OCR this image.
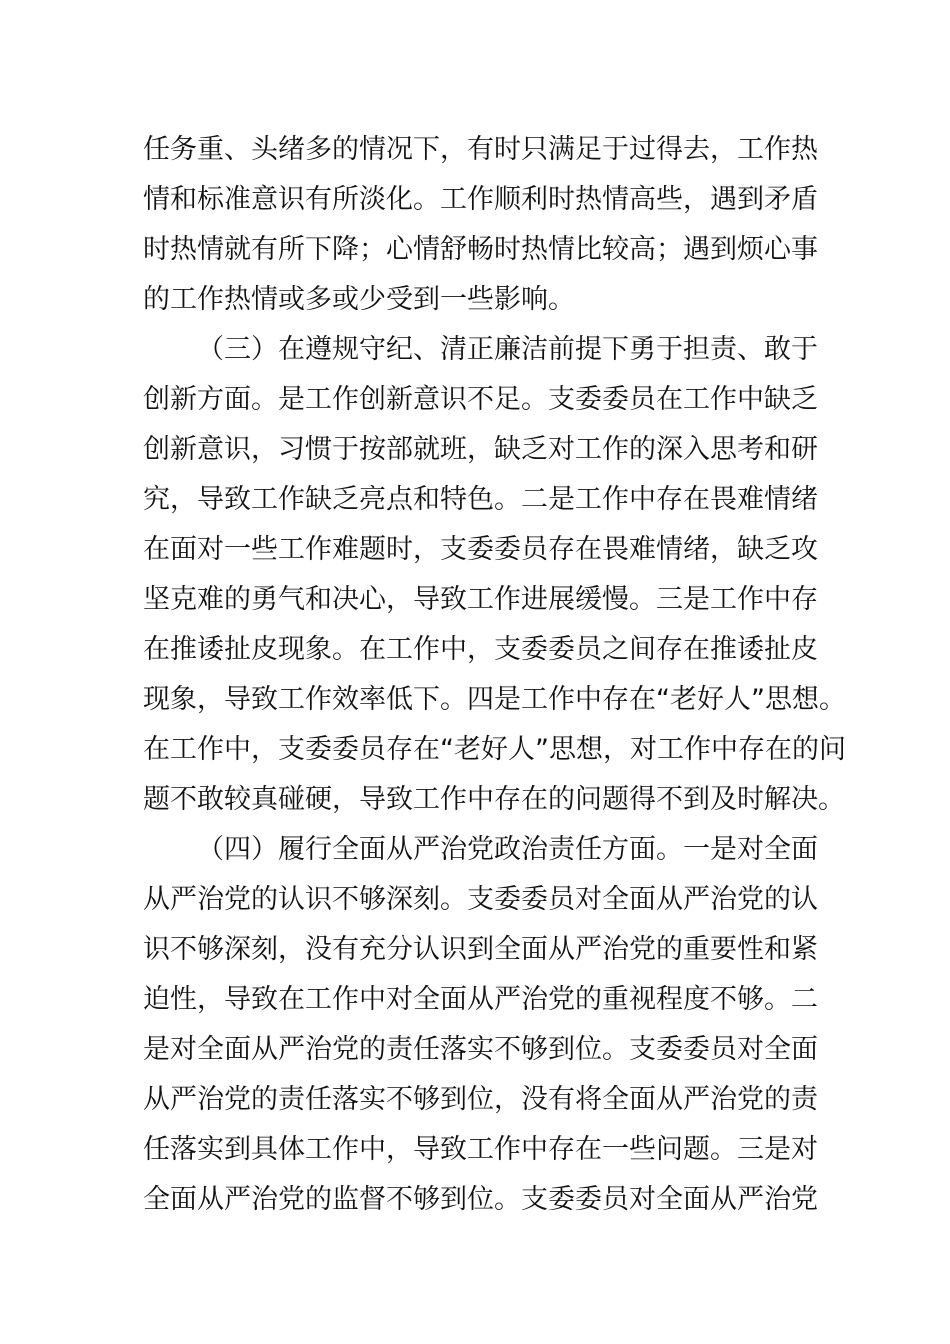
任务重、头绪多的情况下，有时只满足于过得去，工作热
情和标准意识有所淡化。工作顺利时热情高些，遇到矛盾
时热情就有所下降；心情舒畅时热情比较高；遇到烦心事
的工作热情或多或少受到一些影响。
（三）在遵规守纪、清正廉洁前提下勇于担责、敢于
创新方面。是工作创新意识不足。支委委员在工作中缺乏
创新意识，习惯于按部就班，缺乏对工作的深入思考和研
究，导致工作缺乏亮点和特色。二是工作中存在畏难情绪
在面对一些工作难题时，支委委员存在畏难情绪，缺乏攻
坚克难的勇气和决心，导致工作进展缓慢。三是工作中存
在推诿扯皮现象。在工作中，支委委员之间存在推诿扯皮
现象，导致工作效率低下。四是工作中存在“老好人”思想。
在工作中，支委委员存在“老好人”思想，对工作中存在的问
题不敢较真碰硬，导致工作中存在的问题得不到及时解决。
（四）履行全面从严治党政治责任方面。一是对全面
从严治党的认识不够深刻。支委委员对全面从严治党的认
识不够深刻，没有充分认识到全面从严治党的重要性和紧
迫性，导致在工作中对全面从严治党的重视程度不够。二
是对全面从严治党的责任落实不够到位。支委委员对全面
从严治党的责任落实不够到位，没有将全面从严治党的责
任落实到具体工作中，导致工作中存在一些问题。三是对
全面从严治党的监督不够到位。支委委员对全面从严治党
